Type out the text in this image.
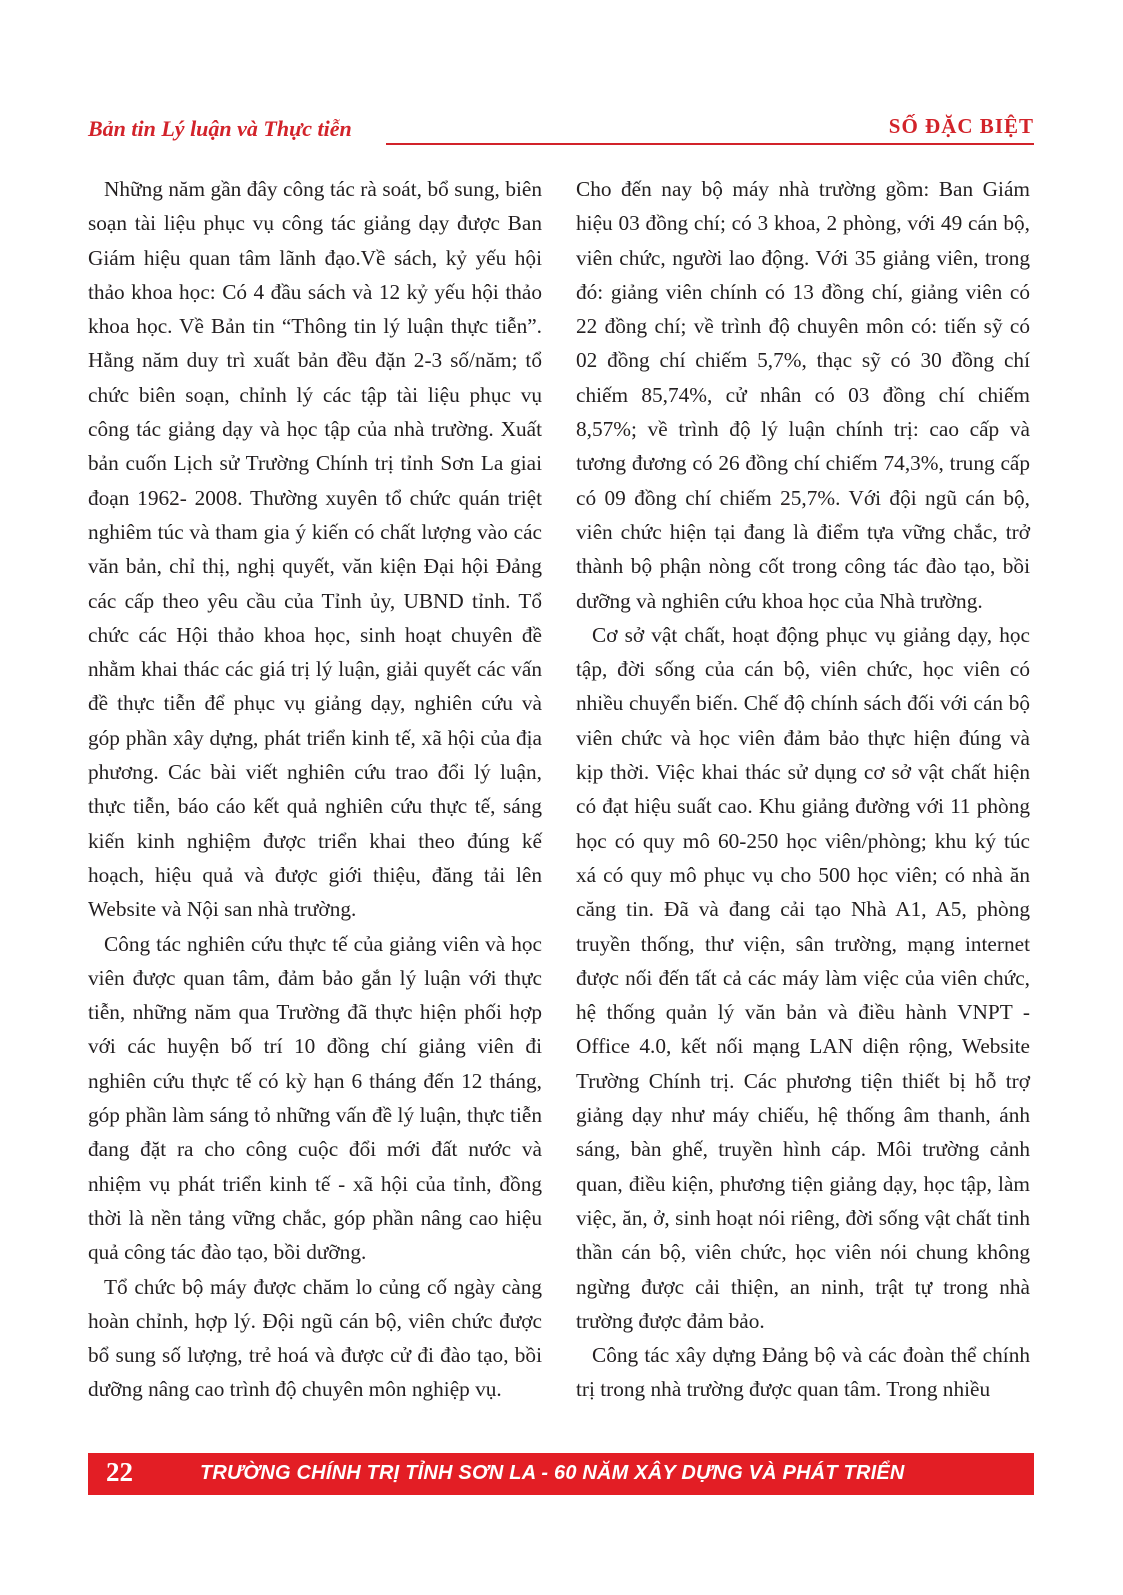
Bản tin Lý luận và Thực tiễn	SỐ ĐẶC BIỆT

Những năm gần đây công tác rà soát, bổ sung, biên soạn tài liệu phục vụ công tác giảng dạy được Ban Giám hiệu quan tâm lãnh đạo.Về sách, kỷ yếu hội thảo khoa học: Có 4 đầu sách và 12 kỷ yếu hội thảo khoa học. Về Bản tin “Thông tin lý luận thực tiễn”. Hằng năm duy trì xuất bản đều đặn 2-3 số/năm; tổ chức biên soạn, chỉnh lý các tập tài liệu phục vụ công tác giảng dạy và học tập của nhà trường. Xuất bản cuốn Lịch sử Trường Chính trị tỉnh Sơn La giai đoạn 1962- 2008. Thường xuyên tổ chức quán triệt nghiêm túc và tham gia ý kiến có chất lượng vào các văn bản, chỉ thị, nghị quyết, văn kiện Đại hội Đảng các cấp theo yêu cầu của Tỉnh ủy, UBND tỉnh. Tổ chức các Hội thảo khoa học, sinh hoạt chuyên đề nhằm khai thác các giá trị lý luận, giải quyết các vấn đề thực tiễn để phục vụ giảng dạy, nghiên cứu và góp phần xây dựng, phát triển kinh tế, xã hội của địa phương. Các bài viết nghiên cứu trao đổi lý luận, thực tiễn, báo cáo kết quả nghiên cứu thực tế, sáng kiến kinh nghiệm được triển khai theo đúng kế hoạch, hiệu quả và được giới thiệu, đăng tải lên Website và Nội san nhà trường.

Công tác nghiên cứu thực tế của giảng viên và học viên được quan tâm, đảm bảo gắn lý luận với thực tiễn, những năm qua Trường đã thực hiện phối hợp với các huyện bố trí 10 đồng chí giảng viên đi nghiên cứu thực tế có kỳ hạn 6 tháng đến 12 tháng, góp phần làm sáng tỏ những vấn đề lý luận, thực tiễn đang đặt ra cho công cuộc đổi mới đất nước và nhiệm vụ phát triển kinh tế - xã hội của tỉnh, đồng thời là nền tảng vững chắc, góp phần nâng cao hiệu quả công tác đào tạo, bồi dưỡng.

Tổ chức bộ máy được chăm lo củng cố ngày càng hoàn chỉnh, hợp lý. Đội ngũ cán bộ, viên chức được bổ sung số lượng, trẻ hoá và được cử đi đào tạo, bồi dưỡng nâng cao trình độ chuyên môn nghiệp vụ.

Cho đến nay bộ máy nhà trường gồm: Ban Giám hiệu 03 đồng chí; có 3 khoa, 2 phòng, với 49 cán bộ, viên chức, người lao động. Với 35 giảng viên, trong đó: giảng viên chính có 13 đồng chí, giảng viên có 22 đồng chí; về trình độ chuyên môn có: tiến sỹ có 02 đồng chí chiếm 5,7%, thạc sỹ có 30 đồng chí chiếm 85,74%, cử nhân có 03 đồng chí chiếm 8,57%; về trình độ lý luận chính trị: cao cấp và tương đương có 26 đồng chí chiếm 74,3%, trung cấp có 09 đồng chí chiếm 25,7%. Với đội ngũ cán bộ, viên chức hiện tại đang là điểm tựa vững chắc, trở thành bộ phận nòng cốt trong công tác đào tạo, bồi dưỡng và nghiên cứu khoa học của Nhà trường.

Cơ sở vật chất, hoạt động phục vụ giảng dạy, học tập, đời sống của cán bộ, viên chức, học viên có nhiều chuyển biến. Chế độ chính sách đối với cán bộ viên chức và học viên đảm bảo thực hiện đúng và kịp thời. Việc khai thác sử dụng cơ sở vật chất hiện có đạt hiệu suất cao. Khu giảng đường với 11 phòng học có quy mô 60-250 học viên/phòng; khu ký túc xá có quy mô phục vụ cho 500 học viên; có nhà ăn căng tin. Đã và đang cải tạo Nhà A1, A5, phòng truyền thống, thư viện, sân trường, mạng internet được nối đến tất cả các máy làm việc của viên chức, hệ thống quản lý văn bản và điều hành VNPT - Office 4.0, kết nối mạng LAN diện rộng, Website Trường Chính trị. Các phương tiện thiết bị hỗ trợ giảng dạy như máy chiếu, hệ thống âm thanh, ánh sáng, bàn ghế, truyền hình cáp. Môi trường cảnh quan, điều kiện, phương tiện giảng dạy, học tập, làm việc, ăn, ở, sinh hoạt nói riêng, đời sống vật chất tinh thần cán bộ, viên chức, học viên nói chung không ngừng được cải thiện, an ninh, trật tự trong nhà trường được đảm bảo.

Công tác xây dựng Đảng bộ và các đoàn thể chính trị trong nhà trường được quan tâm. Trong nhiều

22	TRƯỜNG CHÍNH TRỊ TỈNH SƠN LA - 60 NĂM XÂY DỰNG VÀ PHÁT TRIỂN
